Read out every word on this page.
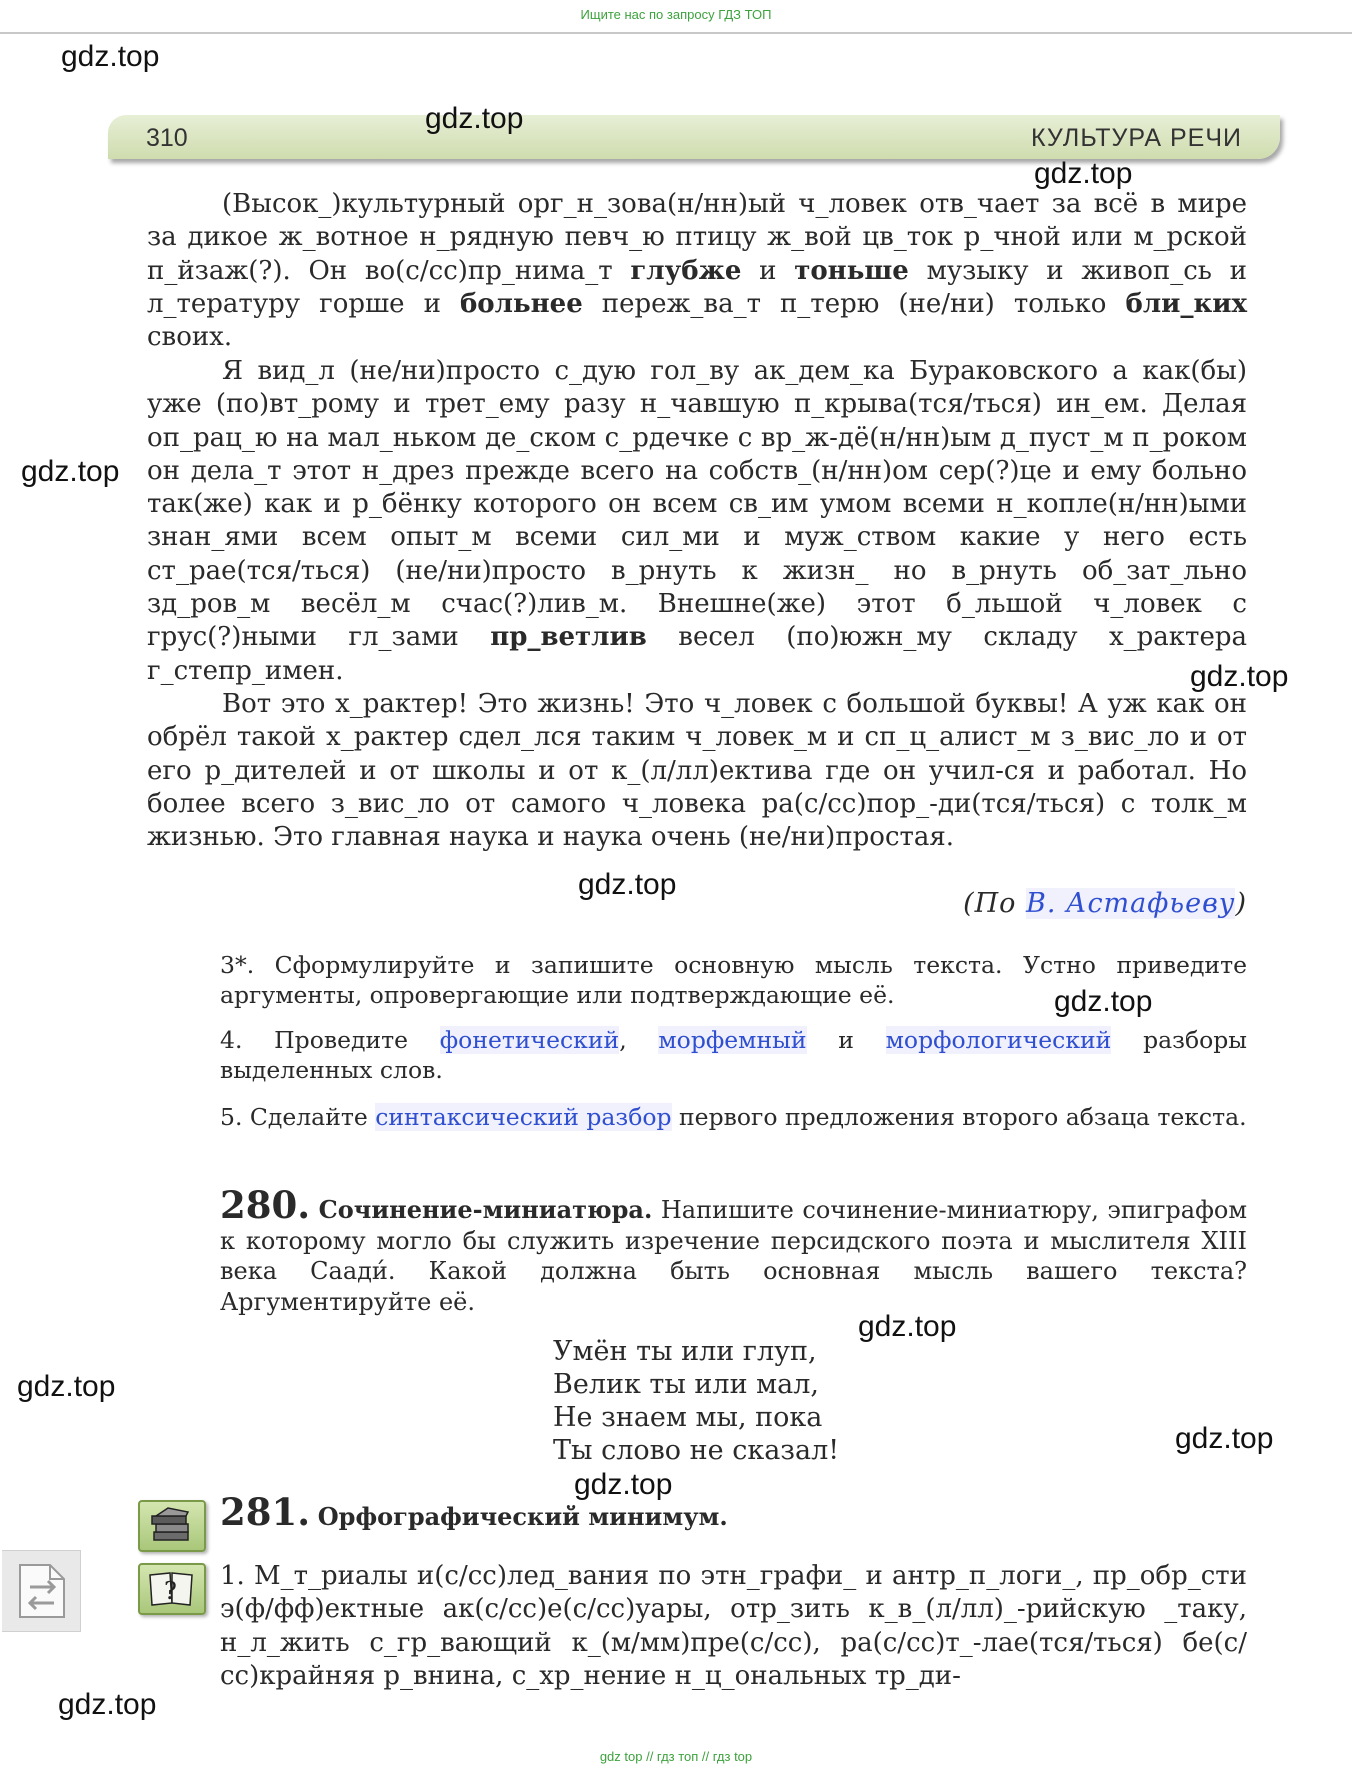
Ищите нас по запросу ГДЗ ТОП
310	КУЛЬТУРА РЕЧИ

(Высок_)культурный орг_н_зова(н/нн)ый ч_ловек отв_чает за всё в мире за дикое ж_вотное н_рядную певч_ю птицу ж_вой цв_ток р_чной или м_рской п_йзаж(?). Он во(с/сс)пр_нима_т глубже и тоньше музыку и живоп_сь и л_тературу горше и больнее переж_ва_т п_терю (не/ни) только бли_ких своих.

Я вид_л (не/ни)просто с_дую гол_ву ак_дем_ка Бураковского а как(бы) уже (по)вт_рому и трет_ему разу н_чавшую п_крыва(тся/ться) ин_ем. Делая оп_рац_ю на мал_ньком де_ском с_рдечке с вр_ж-дё(н/нн)ым д_пуст_м п_роком он дела_т этот н_дрез прежде всего на собств_(н/нн)ом сер(?)це и ему больно так(же) как и р_бёнку которого он всем св_им умом всеми н_копле(н/нн)ыми знан_ями всем опыт_м всеми сил_ми и муж_ством какие у него есть ст_рае(тся/ться) (не/ни)просто в_рнуть к жизн_ но в_рнуть об_зат_льно зд_ров_м весёл_м счас(?)лив_м. Внешне(же) этот б_льшой ч_ловек с грус(?)ными гл_зами пр_ветлив весел (по)южн_му складу х_рактера г_степр_имен.

Вот это х_рактер! Это жизнь! Это ч_ловек с большой буквы! А уж как он обрёл такой х_рактер сдел_лся таким ч_ловек_м и сп_ц_алист_м з_вис_ло и от его р_дителей и от школы и от к_(л/лл)ектива где он учил-ся и работал. Но более всего з_вис_ло от самого ч_ловека ра(с/сс)пор_-ди(тся/ться) с толк_м жизнью. Это главная наука и наука очень (не/ни)простая.

(По В. Астафьеву)

3*. Сформулируйте и запишите основную мысль текста. Устно приведите аргументы, опровергающие или подтверждающие её.

4. Проведите фонетический, морфемный и морфологический разборы выделенных слов.

5. Сделайте синтаксический разбор первого предложения второго абзаца текста.

280. Сочинение-миниатюра. Напишите сочинение-миниатюру, эпиграфом к которому могло бы служить изречение персидского поэта и мыслителя XIII века Саади́. Какой должна быть основная мысль вашего текста? Аргументируйте её.

Умён ты или глуп,
Велик ты или мал,
Не знаем мы, пока
Ты слово не сказал!
281. Орфографический минимум.
? 1. М_т_риалы и(с/сс)лед_вания по этн_графи_ и антр_п_логи_, пр_обр_сти э(ф/фф)ектные ак(с/сс)е(с/сс)уары, отр_зить к_в_(л/лл)_-рийскую _таку, н_л_жить с_гр_вающий к_(м/мм)пре(с/сс), ра(с/сс)т_-лае(тся/ться) бе(с/сс)крайняя р_внина, с_хр_нение н_ц_ональных тр_ди-

gdz.top
gdz.top
gdz.top
gdz.top
gdz.top
gdz.top
gdz.top
gdz.top
gdz.top
gdz.top
gdz.top
gdz.top
gdz top // гдз топ // гдз top
